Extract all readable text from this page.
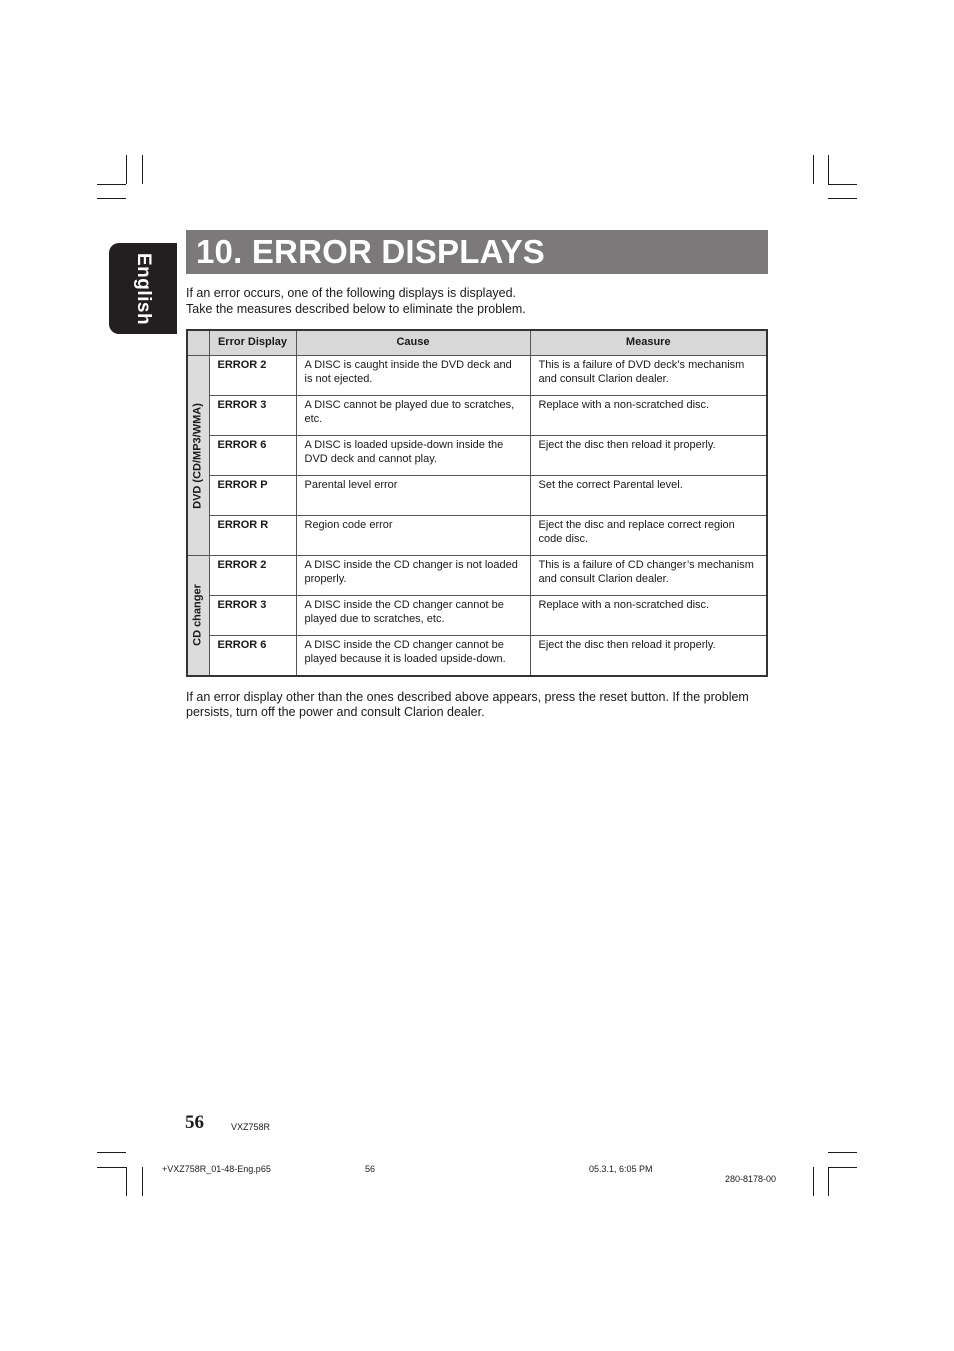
English
10. ERROR DISPLAYS

If an error occurs, one of the following displays is displayed.

Take the measures described below to eliminate the problem.

	Error Display	Cause	Measure

DVD (CD/MP3/WMA)	ERROR 2	A DISC is caught inside the DVD deck and is not ejected.	This is a failure of DVD deck’s mechanism and consult Clarion dealer.
	ERROR 3	A DISC cannot be played due to scratches, etc.	Replace with a non-scratched disc.
	ERROR 6	A DISC is loaded upside-down inside the DVD deck and cannot play.	Eject the disc then reload it properly.
	ERROR P	Parental level error	Set the correct Parental level.
	ERROR R	Region code error	Eject the disc and replace correct region code disc.

CD changer	ERROR 2	A DISC inside the CD changer is not loaded properly.	This is a failure of CD changer’s mechanism and consult Clarion dealer.
	ERROR 3	A DISC inside the CD changer cannot be played due to scratches, etc.	Replace with a non-scratched disc.
	ERROR 6	A DISC inside the CD changer cannot be played because it is loaded upside-down.	Eject the disc then reload it properly.

If an error display other than the ones described above appears, press the reset button. If the problem persists, turn off the power and consult Clarion dealer.

56	VXZ758R
+VXZ758R_01-48-Eng.p65	56	05.3.1, 6:05 PM
280-8178-00
